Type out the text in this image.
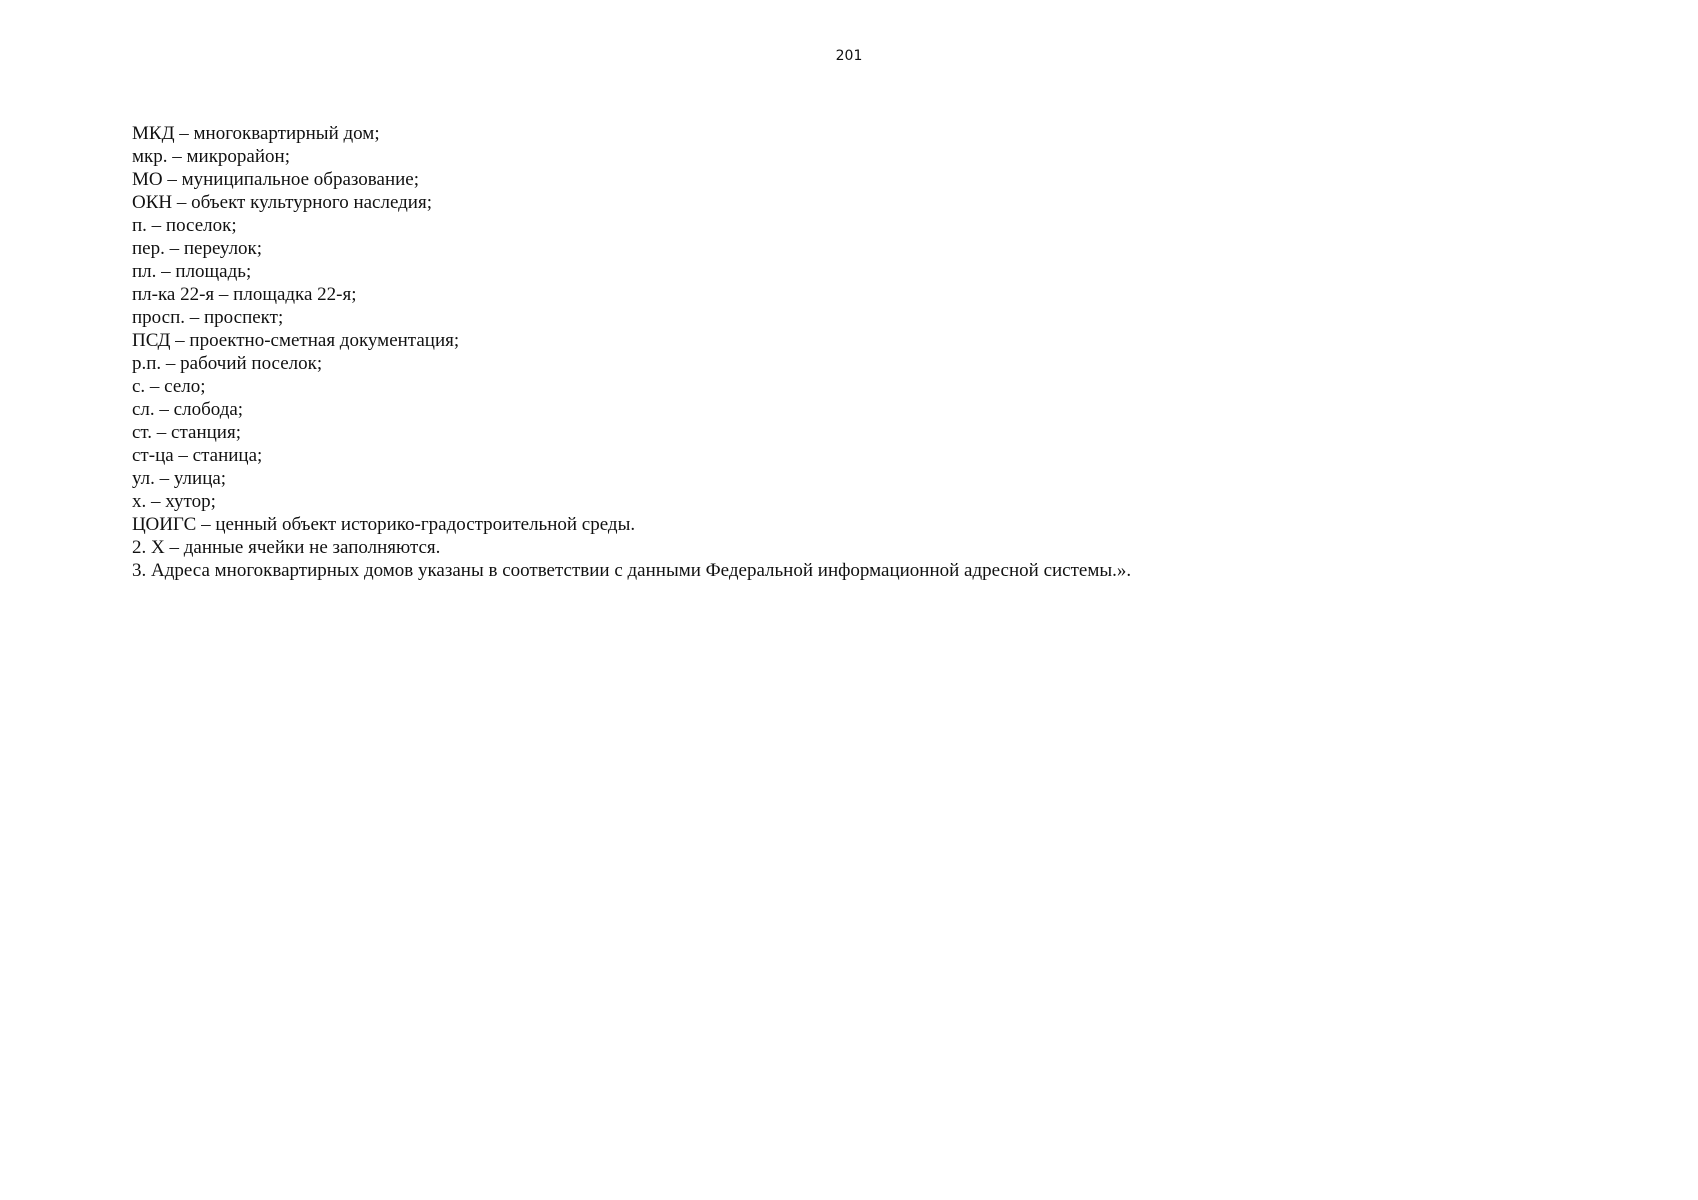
201
МКД – многоквартирный дом;
мкр. – микрорайон;
МО – муниципальное образование;
ОКН – объект культурного наследия;
п. – поселок;
пер. – переулок;
пл. – площадь;
пл-ка 22-я – площадка 22-я;
просп. – проспект;
ПСД – проектно-сметная документация;
р.п. – рабочий поселок;
с. – село;
сл. – слобода;
ст. – станция;
ст-ца – станица;
ул. – улица;
х. – хутор;
ЦОИГС – ценный объект историко-градостроительной среды.
2. Х – данные ячейки не заполняются.
3. Адреса многоквартирных домов указаны в соответствии с данными Федеральной информационной адресной системы.».
